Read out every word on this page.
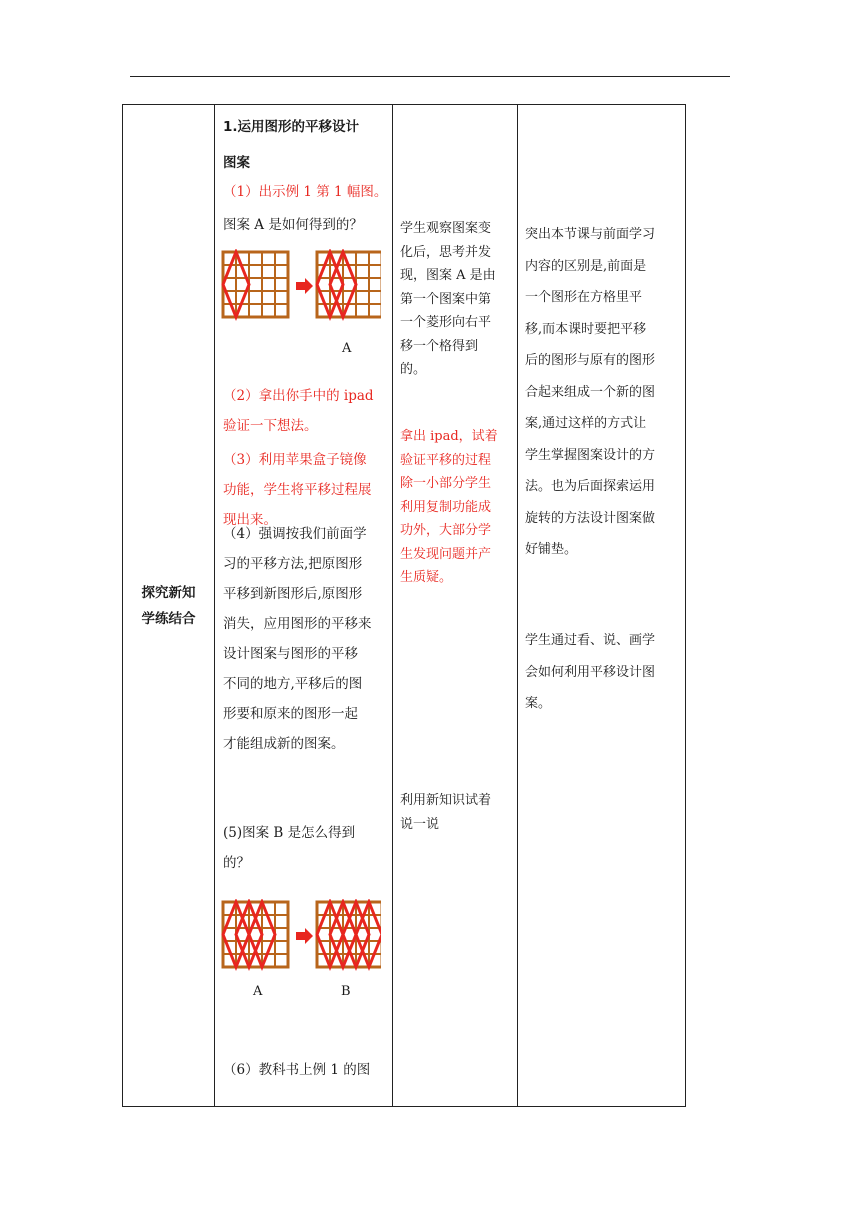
探究新知
学练结合
1.运用图形的平移设计
图案
（1）出示例 1 第 1 幅图。
图案 A 是如何得到的？
A
（2）拿出你手中的 ipad
验证一下想法。
（3）利用苹果盒子镜像
功能，学生将平移过程展
现出来。
（4）强调按我们前面学
习的平移方法,把原图形
平移到新图形后,原图形
消失，应用图形的平移来
设计图案与图形的平移
不同的地方,平移后的图
形要和原来的图形一起
才能组成新的图案。
(5)图案 B 是怎么得到
的？
A	B
（6）教科书上例 1 的图
学生观察图案变
化后，思考并发
现，图案 A 是由
第一个图案中第
一个菱形向右平
移一个格得到
的。
拿出 ipad，试着
验证平移的过程
除一小部分学生
利用复制功能成
功外，大部分学
生发现问题并产
生质疑。
利用新知识试着
说一说
突出本节课与前面学习
内容的区别是,前面是
一个图形在方格里平
移,而本课时要把平移
后的图形与原有的图形
合起来组成一个新的图
案,通过这样的方式让
学生掌握图案设计的方
法。也为后面探索运用
旋转的方法设计图案做
好铺垫。
学生通过看、说、画学
会如何利用平移设计图
案。
